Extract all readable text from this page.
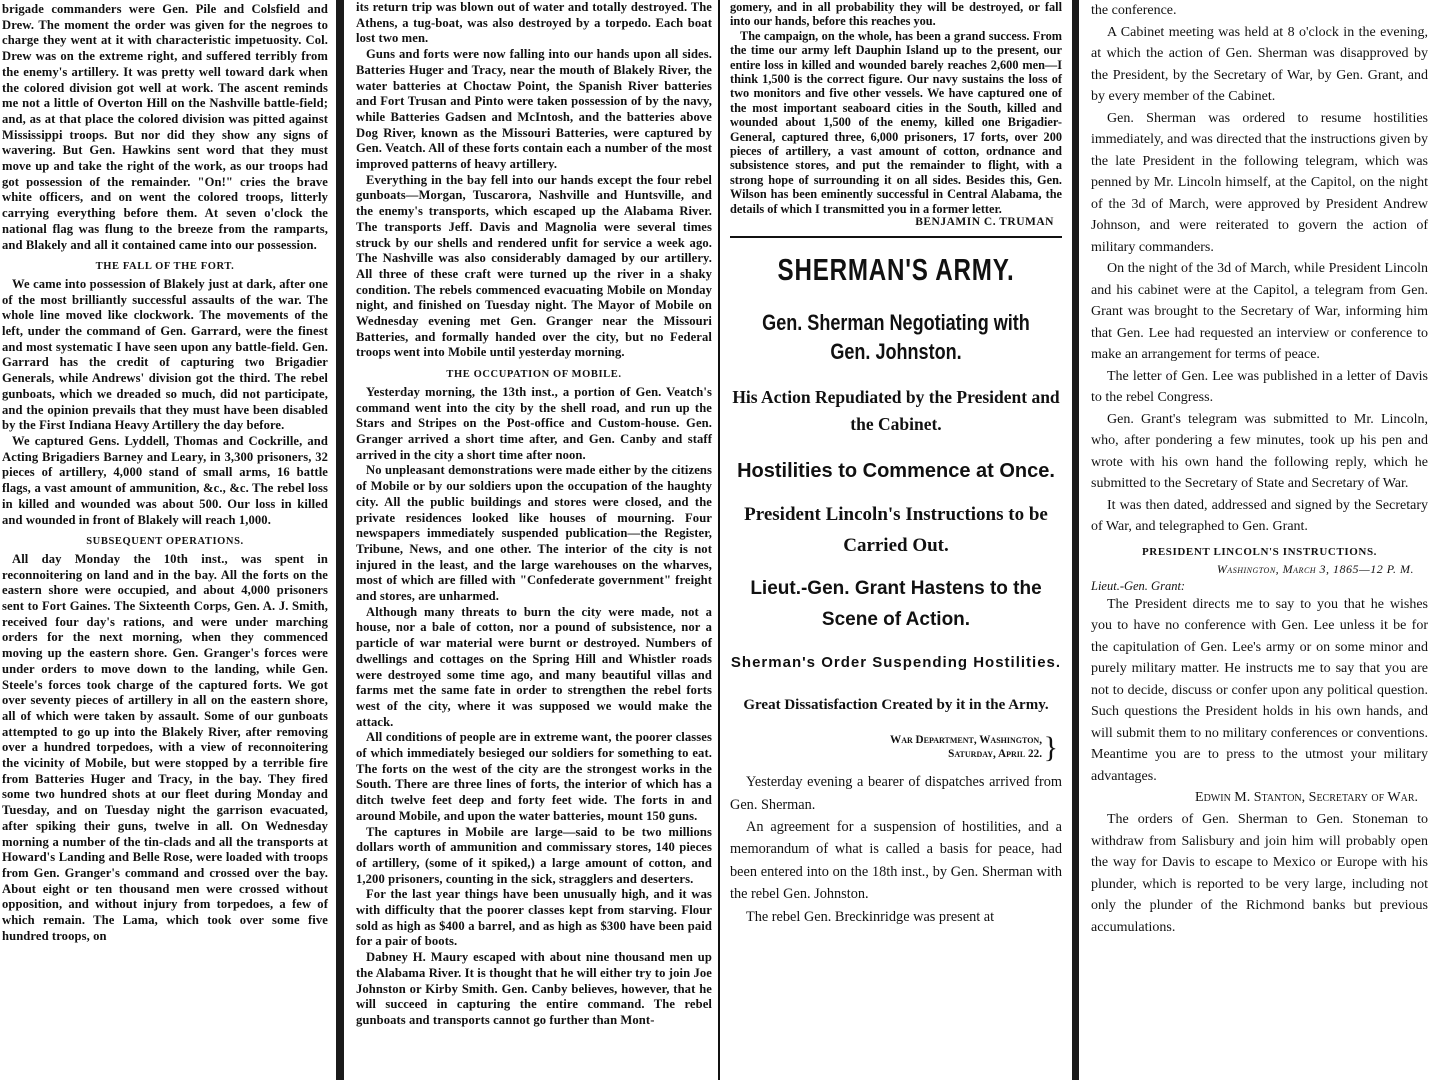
brigade commanders were Gen. Pile and Colsfield and Drew. The moment the order was given for the negroes to charge they went at it with characteristic impetuosity. Col. Drew was on the extreme right, and suffered terribly from the enemy's artillery. It was pretty well toward dark when the colored division got well at work. The ascent reminds me not a little of Overton Hill on the Nashville battle-field; and, as at that place the colored division was pitted against Mississippi troops. But nor did they show any signs of wavering. But Gen. Hawkins sent word that they must move up and take the right of the work, as our troops had got possession of the remainder. "On!" cries the brave white officers, and on went the colored troops, litterly carrying everything before them. At seven o'clock the national flag was flung to the breeze from the ramparts, and Blakely and all it contained came into our possession.

THE FALL OF THE FORT.

We came into possession of Blakely just at dark, after one of the most brilliantly successful assaults of the war. The whole line moved like clockwork. The movements of the left, under the command of Gen. Garrard, were the finest and most systematic I have seen upon any battle-field. Gen. Garrard has the credit of capturing two Brigadier Generals, while Andrews' division got the third. The rebel gunboats, which we dreaded so much, did not participate, and the opinion prevails that they must have been disabled by the First Indiana Heavy Artillery the day before.

We captured Gens. Lyddell, Thomas and Cockrille, and Acting Brigadiers Barney and Leary, in 3,300 prisoners, 32 pieces of artillery, 4,000 stand of small arms, 16 battle flags, a vast amount of ammunition, &c., &c. The rebel loss in killed and wounded was about 500. Our loss in killed and wounded in front of Blakely will reach 1,000.

SUBSEQUENT OPERATIONS.

All day Monday the 10th inst., was spent in reconnoitering on land and in the bay. All the forts on the eastern shore were occupied, and about 4,000 prisoners sent to Fort Gaines. The Sixteenth Corps, Gen. A. J. Smith, received four day's rations, and were under marching orders for the next morning, when they commenced moving up the eastern shore. Gen. Granger's forces were under orders to move down to the landing, while Gen. Steele's forces took charge of the captured forts. We got over seventy pieces of artillery in all on the eastern shore, all of which were taken by assault. Some of our gunboats attempted to go up into the Blakely River, after removing over a hundred torpedoes, with a view of reconnoitering the vicinity of Mobile, but were stopped by a terrible fire from Batteries Huger and Tracy, in the bay. They fired some two hundred shots at our fleet during Monday and Tuesday, and on Tuesday night the garrison evacuated, after spiking their guns, twelve in all. On Wednesday morning a number of the tin-clads and all the transports at Howard's Landing and Belle Rose, were loaded with troops from Gen. Granger's command and crossed over the bay. About eight or ten thousand men were crossed without opposition, and without injury from torpedoes, a few of which remain. The Lama, which took over some five hundred troops, on

its return trip was blown out of water and totally destroyed. The Athens, a tug-boat, was also destroyed by a torpedo. Each boat lost two men.

Guns and forts were now falling into our hands upon all sides. Batteries Huger and Tracy, near the mouth of Blakely River, the water batteries at Choctaw Point, the Spanish River batteries and Fort Trusan and Pinto were taken possession of by the navy, while Batteries Gadsen and McIntosh, and the batteries above Dog River, known as the Missouri Batteries, were captured by Gen. Veatch. All of these forts contain each a number of the most improved patterns of heavy artillery.

Everything in the bay fell into our hands except the four rebel gunboats—Morgan, Tuscarora, Nashville and Huntsville, and the enemy's transports, which escaped up the Alabama River. The transports Jeff. Davis and Magnolia were several times struck by our shells and rendered unfit for service a week ago. The Nashville was also considerably damaged by our artillery. All three of these craft were turned up the river in a shaky condition. The rebels commenced evacuating Mobile on Monday night, and finished on Tuesday night. The Mayor of Mobile on Wednesday evening met Gen. Granger near the Missouri Batteries, and formally handed over the city, but no Federal troops went into Mobile until yesterday morning.

THE OCCUPATION OF MOBILE.

Yesterday morning, the 13th inst., a portion of Gen. Veatch's command went into the city by the shell road, and run up the Stars and Stripes on the Post-office and Custom-house. Gen. Granger arrived a short time after, and Gen. Canby and staff arrived in the city a short time after noon.

No unpleasant demonstrations were made either by the citizens of Mobile or by our soldiers upon the occupation of the haughty city. All the public buildings and stores were closed, and the private residences looked like houses of mourning. Four newspapers immediately suspended publication—the Register, Tribune, News, and one other. The interior of the city is not injured in the least, and the large warehouses on the wharves, most of which are filled with "Confederate government" freight and stores, are unharmed.

Although many threats to burn the city were made, not a house, nor a bale of cotton, nor a pound of subsistence, nor a particle of war material were burnt or destroyed. Numbers of dwellings and cottages on the Spring Hill and Whistler roads were destroyed some time ago, and many beautiful villas and farms met the same fate in order to strengthen the rebel forts west of the city, where it was supposed we would make the attack.

All conditions of people are in extreme want, the poorer classes of which immediately besieged our soldiers for something to eat. The forts on the west of the city are the strongest works in the South. There are three lines of forts, the interior of which has a ditch twelve feet deep and forty feet wide. The forts in and around Mobile, and upon the water batteries, mount 150 guns.

The captures in Mobile are large—said to be two millions dollars worth of ammunition and commissary stores, 140 pieces of artillery, (some of it spiked,) a large amount of cotton, and 1,200 prisoners, counting in the sick, stragglers and deserters.

For the last year things have been unusually high, and it was with difficulty that the poorer classes kept from starving. Flour sold as high as $400 a barrel, and as high as $300 have been paid for a pair of boots.

Dabney H. Maury escaped with about nine thousand men up the Alabama River. It is thought that he will either try to join Joe Johnston or Kirby Smith. Gen. Canby believes, however, that he will succeed in capturing the entire command. The rebel gunboats and transports cannot go further than Mont-

gomery, and in all probability they will be destroyed, or fall into our hands, before this reaches you.

The campaign, on the whole, has been a grand success. From the time our army left Dauphin Island up to the present, our entire loss in killed and wounded barely reaches 2,600 men—I think 1,500 is the correct figure. Our navy sustains the loss of two monitors and five other vessels. We have captured one of the most important seaboard cities in the South, killed and wounded about 1,500 of the enemy, killed one Brigadier-General, captured three, 6,000 prisoners, 17 forts, over 200 pieces of artillery, a vast amount of cotton, ordnance and subsistence stores, and put the remainder to flight, with a strong hope of surrounding it on all sides. Besides this, Gen. Wilson has been eminently successful in Central Alabama, the details of which I transmitted you in a former letter.

BENJAMIN C. TRUMAN
SHERMAN'S ARMY.
Gen. Sherman Negotiating with Gen. Johnston.
His Action Repudiated by the President and the Cabinet.
Hostilities to Commence at Once.
President Lincoln's Instructions to be Carried Out.
Lieut.-Gen. Grant Hastens to the Scene of Action.
Sherman's Order Suspending Hostilities.
Great Dissatisfaction Created by it in the Army.
War Department, Washington,
Saturday, April 22. }

Yesterday evening a bearer of dispatches arrived from Gen. Sherman.

An agreement for a suspension of hostilities, and a memorandum of what is called a basis for peace, had been entered into on the 18th inst., by Gen. Sherman with the rebel Gen. Johnston.

The rebel Gen. Breckinridge was present at

the conference.

A Cabinet meeting was held at 8 o'clock in the evening, at which the action of Gen. Sherman was disapproved by the President, by the Secretary of War, by Gen. Grant, and by every member of the Cabinet.

Gen. Sherman was ordered to resume hostilities immediately, and was directed that the instructions given by the late President in the following telegram, which was penned by Mr. Lincoln himself, at the Capitol, on the night of the 3d of March, were approved by President Andrew Johnson, and were reiterated to govern the action of military commanders.

On the night of the 3d of March, while President Lincoln and his cabinet were at the Capitol, a telegram from Gen. Grant was brought to the Secretary of War, informing him that Gen. Lee had requested an interview or conference to make an arrangement for terms of peace.

The letter of Gen. Lee was published in a letter of Davis to the rebel Congress.

Gen. Grant's telegram was submitted to Mr. Lincoln, who, after pondering a few minutes, took up his pen and wrote with his own hand the following reply, which he submitted to the Secretary of State and Secretary of War.

It was then dated, addressed and signed by the Secretary of War, and telegraphed to Gen. Grant.

PRESIDENT LINCOLN'S INSTRUCTIONS.
Washington, March 3, 1865—12 P. M.
Lieut.-Gen. Grant:

The President directs me to say to you that he wishes you to have no conference with Gen. Lee unless it be for the capitulation of Gen. Lee's army or on some minor and purely military matter. He instructs me to say that you are not to decide, discuss or confer upon any political question. Such questions the President holds in his own hands, and will submit them to no military conferences or conventions. Meantime you are to press to the utmost your military advantages.

Edwin M. Stanton, Secretary of War.

The orders of Gen. Sherman to Gen. Stoneman to withdraw from Salisbury and join him will probably open the way for Davis to escape to Mexico or Europe with his plunder, which is reported to be very large, including not only the plunder of the Richmond banks but previous accumulations.
